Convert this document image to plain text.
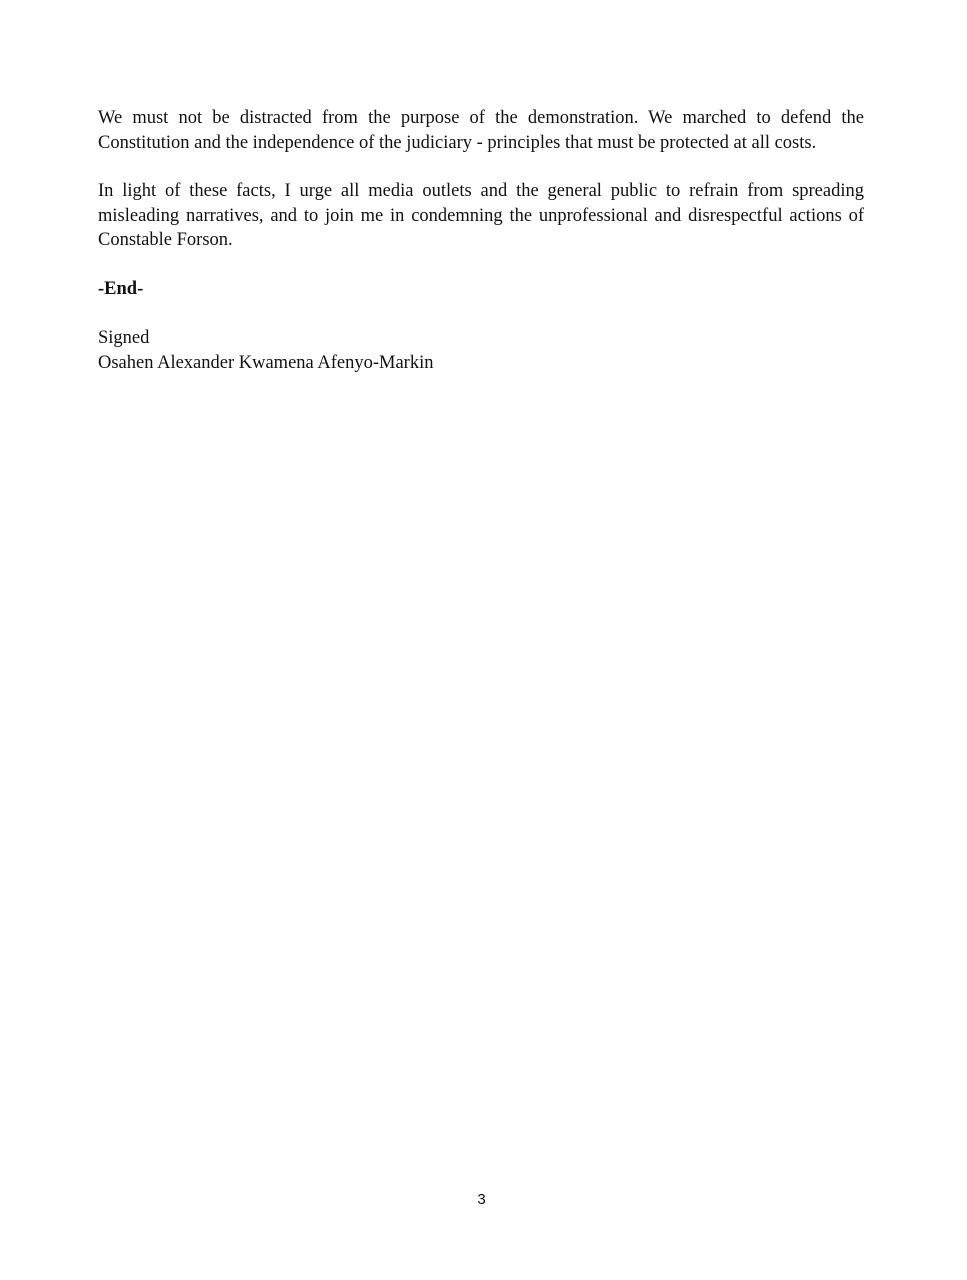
We must not be distracted from the purpose of the demonstration. We marched to defend the Constitution and the independence of the judiciary - principles that must be protected at all costs.

In light of these facts, I urge all media outlets and the general public to refrain from spreading misleading narratives, and to join me in condemning the unprofessional and disrespectful actions of Constable Forson.

-End-
Signed
Osahen Alexander Kwamena Afenyo-Markin
3
